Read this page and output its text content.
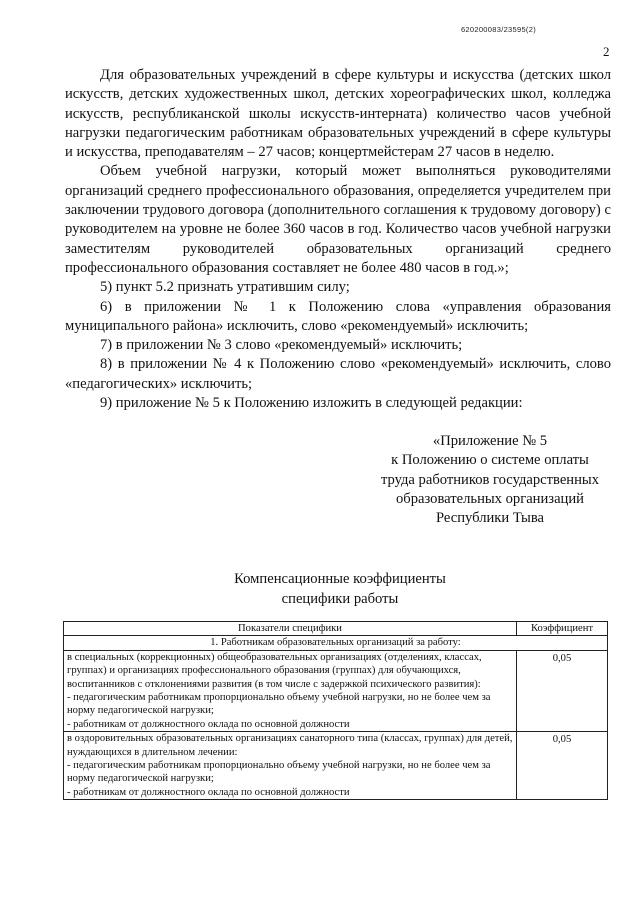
620200083/23595(2)
2

Для образовательных учреждений в сфере культуры и искусства (детских школ искусств, детских художественных школ, детских хореографических школ, колледжа искусств, республиканской школы искусств-интерната) количество часов учебной нагрузки педагогическим работникам образовательных учреждений в сфере культуры и искусства, преподавателям – 27 часов; концертмейстерам 27 часов в неделю.

Объем учебной нагрузки, который может выполняться руководителями организаций среднего профессионального образования, определяется учредителем при заключении трудового договора (дополнительного соглашения к трудовому договору) с руководителем на уровне не более 360 часов в год. Количество часов учебной нагрузки заместителям руководителей образовательных организаций среднего профессионального образования составляет не более 480 часов в год.»;

5) пункт 5.2 признать утратившим силу;

6) в приложении № 1 к Положению слова «управления образования муниципального района» исключить, слово «рекомендуемый» исключить;

7) в приложении № 3 слово «рекомендуемый» исключить;

8) в приложении № 4 к Положению слово «рекомендуемый» исключить, слово «педагогических» исключить;

9) приложение № 5 к Положению изложить в следующей редакции:

«Приложение № 5
к Положению о системе оплаты
труда работников государственных
образовательных организаций
Республики Тыва
Компенсационные коэффициенты
специфики работы
Показатели специфики	Коэффициент
1. Работникам образовательных организаций за работу:	

в специальных (коррекционных) общеобразовательных организациях (отделениях, классах, группах) и организациях профессионального образования (группах) для обучающихся, воспитанников с отклонениями развития (в том числе с задержкой психического развития):
- педагогическим работникам пропорционально объему учебной нагрузки, но не более чем за норму педагогической нагрузки;
- работникам от должностного оклада по основной должности	0,05

в оздоровительных образовательных организациях санаторного типа (классах, группах) для детей, нуждающихся в длительном лечении:
- педагогическим работникам пропорционально объему учебной нагрузки, но не более чем за норму педагогической нагрузки;
- работникам от должностного оклада по основной должности	0,05
